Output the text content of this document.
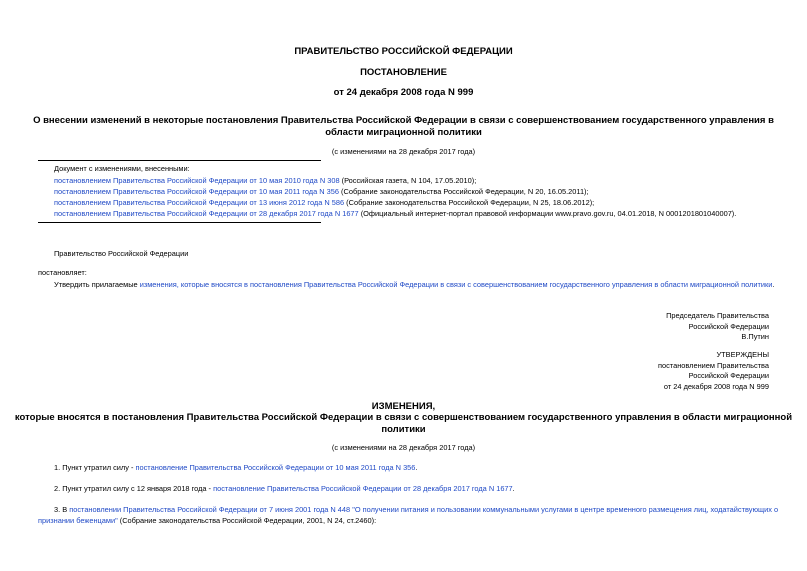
ПРАВИТЕЛЬСТВО РОССИЙСКОЙ ФЕДЕРАЦИИ
ПОСТАНОВЛЕНИЕ
от 24 декабря 2008 года N 999
О внесении изменений в некоторые постановления Правительства Российской Федерации в связи с совершенствованием государственного управления в
области миграционной политики
(с изменениями на 28 декабря 2017 года)
Документ с изменениями, внесенными:
постановлением Правительства Российской Федерации от 10 мая 2010 года N 308 (Российская газета, N 104, 17.05.2010);
постановлением Правительства Российской Федерации от 10 мая 2011 года N 356 (Собрание законодательства Российской Федерации, N 20, 16.05.2011);
постановлением Правительства Российской Федерации от 13 июня 2012 года N 586 (Собрание законодательства Российской Федерации, N 25, 18.06.2012);
постановлением Правительства Российской Федерации от 28 декабря 2017 года N 1677 (Официальный интернет-портал правовой информации www.pravo.gov.ru, 04.01.2018, N 0001201801040007).
Правительство Российской Федерации
постановляет:
Утвердить прилагаемые изменения, которые вносятся в постановления Правительства Российской Федерации в связи с совершенствованием государственного управления в области миграционной политики.
Председатель Правительства
Российской Федерации
В.Путин
УТВЕРЖДЕНЫ
постановлением Правительства
Российской Федерации
от 24 декабря 2008 года N 999
ИЗМЕНЕНИЯ,
которые вносятся в постановления Правительства Российской Федерации в связи с совершенствованием государственного управления в области миграционной
политики
(с изменениями на 28 декабря 2017 года)
1. Пункт утратил силу - постановление Правительства Российской Федерации от 10 мая 2011 года N 356.
2. Пункт утратил силу с 12 января 2018 года - постановление Правительства Российской Федерации от 28 декабря 2017 года N 1677.
3. В постановлении Правительства Российской Федерации от 7 июня 2001 года N 448 "О получении питания и пользовании коммунальными услугами в центре временного размещения лиц, ходатайствующих о
признании беженцами" (Собрание законодательства Российской Федерации, 2001, N 24, ст.2460):
